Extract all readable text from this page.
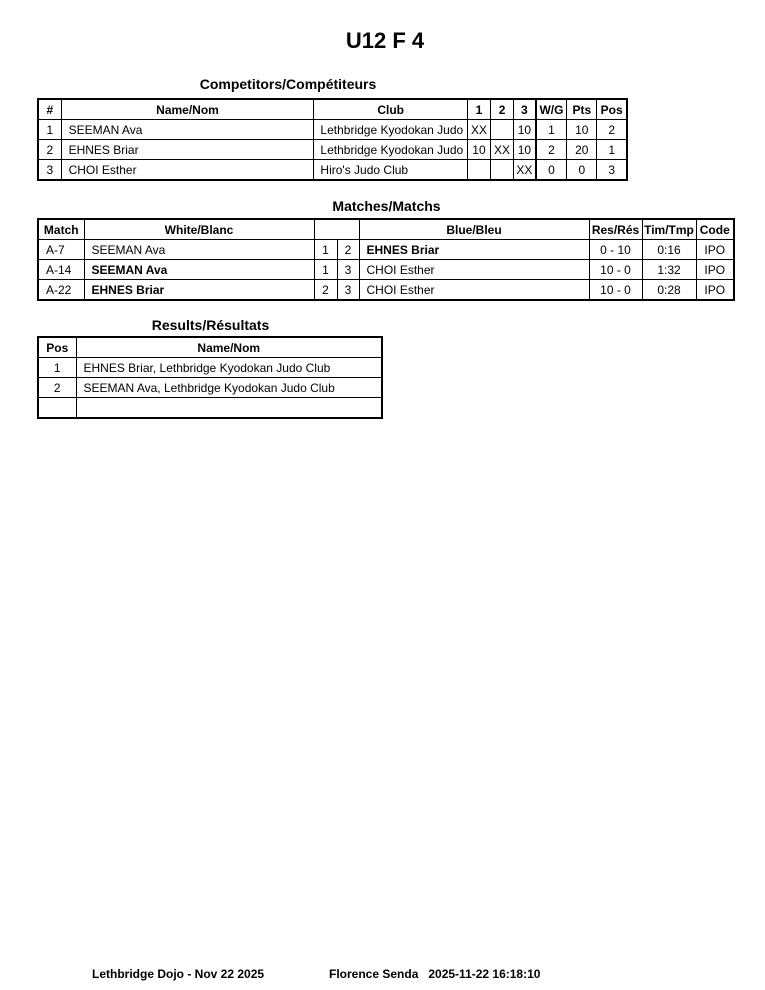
U12 F 4
Competitors/Compétiteurs
#	Name/Nom	Club	1	2	3	W/G	Pts	Pos
1	SEEMAN Ava	Lethbridge Kyodokan Judo	XX		10	1	10	2
2	EHNES Briar	Lethbridge Kyodokan Judo	10	XX	10	2	20	1
3	CHOI Esther	Hiro's Judo Club			XX	0	0	3
Matches/Matchs
Match	White/Blanc			Blue/Bleu	Res/Rés	Tim/Tmp	Code
A-7	SEEMAN Ava	1	2	EHNES Briar	0 - 10	0:16	IPO
A-14	SEEMAN Ava	1	3	CHOI Esther	10 - 0	1:32	IPO
A-22	EHNES Briar	2	3	CHOI Esther	10 - 0	0:28	IPO
Results/Résultats
Pos	Name/Nom
1	EHNES Briar, Lethbridge Kyodokan Judo Club
2	SEEMAN Ava, Lethbridge Kyodokan Judo Club

Lethbridge Dojo - Nov 22 2025	Florence Senda   2025-11-22 16:18:10
